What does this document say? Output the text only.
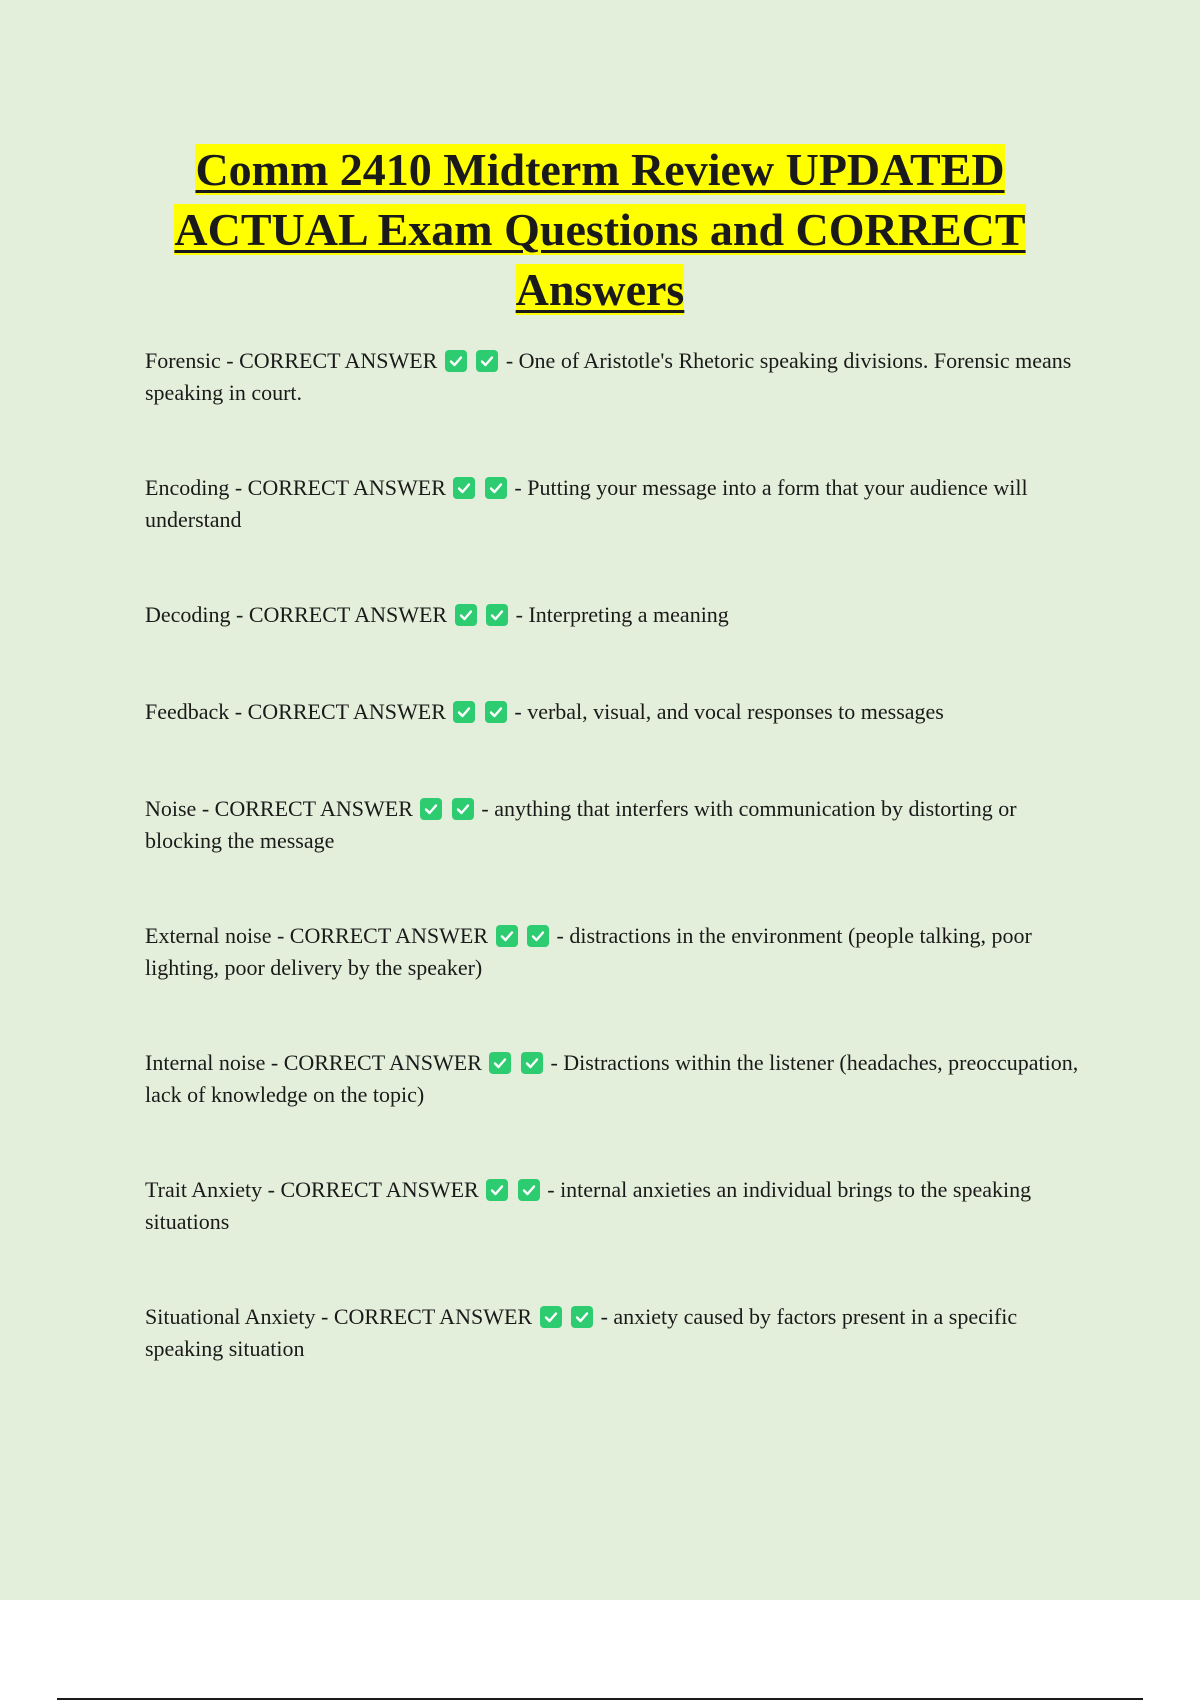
Comm 2410 Midterm Review UPDATED ACTUAL Exam Questions and CORRECT Answers

Forensic - CORRECT ANSWER
	- One of Aristotle's Rhetoric speaking divisions. Forensic means speaking in court.

Encoding - CORRECT ANSWER
	- Putting your message into a form that your audience will understand

Decoding - CORRECT ANSWER
	- Interpreting a meaning

Feedback - CORRECT ANSWER
	- verbal, visual, and vocal responses to messages

Noise - CORRECT ANSWER
	- anything that interfers with communication by distorting or blocking the message

External noise - CORRECT ANSWER
	- distractions in the environment (people talking, poor lighting, poor delivery by the speaker)

Internal noise - CORRECT ANSWER
	- Distractions within the listener (headaches, preoccupation, lack of knowledge on the topic)

Trait Anxiety - CORRECT ANSWER
	- internal anxieties an individual brings to the speaking situations

Situational Anxiety - CORRECT ANSWER
	- anxiety caused by factors present in a specific speaking situation
